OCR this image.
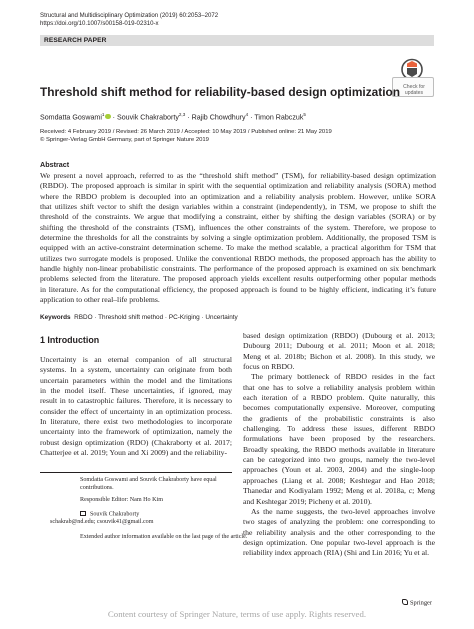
Structural and Multidisciplinary Optimization (2019) 60:2053–2072
https://doi.org/10.1007/s00158-019-02310-x
RESEARCH PAPER
Check for
updates
Threshold shift method for reliability-based design optimization
Somdatta Goswami$^1$ · Souvik Chakraborty$^{2,3}$ · Rajib Chowdhury$^4$ · Timon Rabczuk$^5$
Received: 4 February 2019 / Revised: 26 March 2019 / Accepted: 10 May 2019 / Published online: 21 May 2019
© Springer-Verlag GmbH Germany, part of Springer Nature 2019
Abstract
We present a novel approach, referred to as the “threshold shift method” (TSM), for reliability-based design optimization
(RBDO). The proposed approach is similar in spirit with the sequential optimization and reliability analysis (SORA) method
where the RBDO problem is decoupled into an optimization and a reliability analysis problem. However, unlike SORA
that utilizes shift vector to shift the design variables within a constraint (independently), in TSM, we propose to shift the
threshold of the constraints. We argue that modifying a constraint, either by shifting the design variables (SORA) or by
shifting the threshold of the constraints (TSM), influences the other constraints of the system. Therefore, we propose to
determine the thresholds for all the constraints by solving a single optimization problem. Additionally, the proposed TSM is
equipped with an active-constraint determination scheme. To make the method scalable, a practical algorithm for TSM that
utilizes two surrogate models is proposed. Unlike the conventional RBDO methods, the proposed approach has the ability to
handle highly non-linear probabilistic constraints. The performance of the proposed approach is examined on six benchmark
problems selected from the literature. The proposed approach yields excellent results outperforming other popular methods
in literature. As for the computational efficiency, the proposed approach is found to be highly efficient, indicating it’s future
application to other real–life problems.
Keywords RBDO · Threshold shift method · PC-Kriging · Uncertainty
1 Introduction
Uncertainty is an eternal companion of all structural
systems. In a system, uncertainty can originate from both
uncertain parameters within the model and the limitations
in the model itself. These uncertainties, if ignored, may
result in to catastrophic failures. Therefore, it is necessary to
consider the effect of uncertainty in an optimization process.
In literature, there exist two methodologies to incorporate
uncertainty into the framework of optimization, namely the
robust design optimization (RDO) (Chakraborty et al. 2017;
Chatterjee et al. 2019; Youn and Xi 2009) and the reliability-
based design optimization (RBDO) (Dubourg et al. 2013;
Dubourg 2011; Dubourg et al. 2011; Moon et al. 2018;
Meng et al. 2018b; Bichon et al. 2008). In this study, we
focus on RBDO.
The primary bottleneck of RBDO resides in the fact
that one has to solve a reliability analysis problem within
each iteration of a RBDO problem. Quite naturally, this
becomes computationally expensive. Moreover, computing
the gradients of the probabilistic constraints is also
challenging. To address these issues, different RBDO
formulations have been proposed by the researchers.
Broadly speaking, the RBDO methods available in literature
can be categorized into two groups, namely the two-level
approaches (Youn et al. 2003, 2004) and the single-loop
approaches (Liang et al. 2008; Keshtegar and Hao 2018;
Thanedar and Kodiyalam 1992; Meng et al. 2018a, c; Meng
and Keshtegar 2019; Picheny et al. 2010).
As the name suggests, the two-level approaches involve
two stages of analyzing the problem: one corresponding to
the reliability analysis and the other corresponding to the
design optimization. One popular two-level approach is the
reliability index approach (RIA) (Shi and Lin 2016; Yu et al.
Somdatta Goswami and Souvik Chakraborty have equal
contributions.
Responsible Editor: Nam Ho Kim
Souvik Chakraborty
schakrab@nd.edu; csouvik41@gmail.com
Extended author information available on the last page of the article.
Springer
Content courtesy of Springer Nature, terms of use apply. Rights reserved.
